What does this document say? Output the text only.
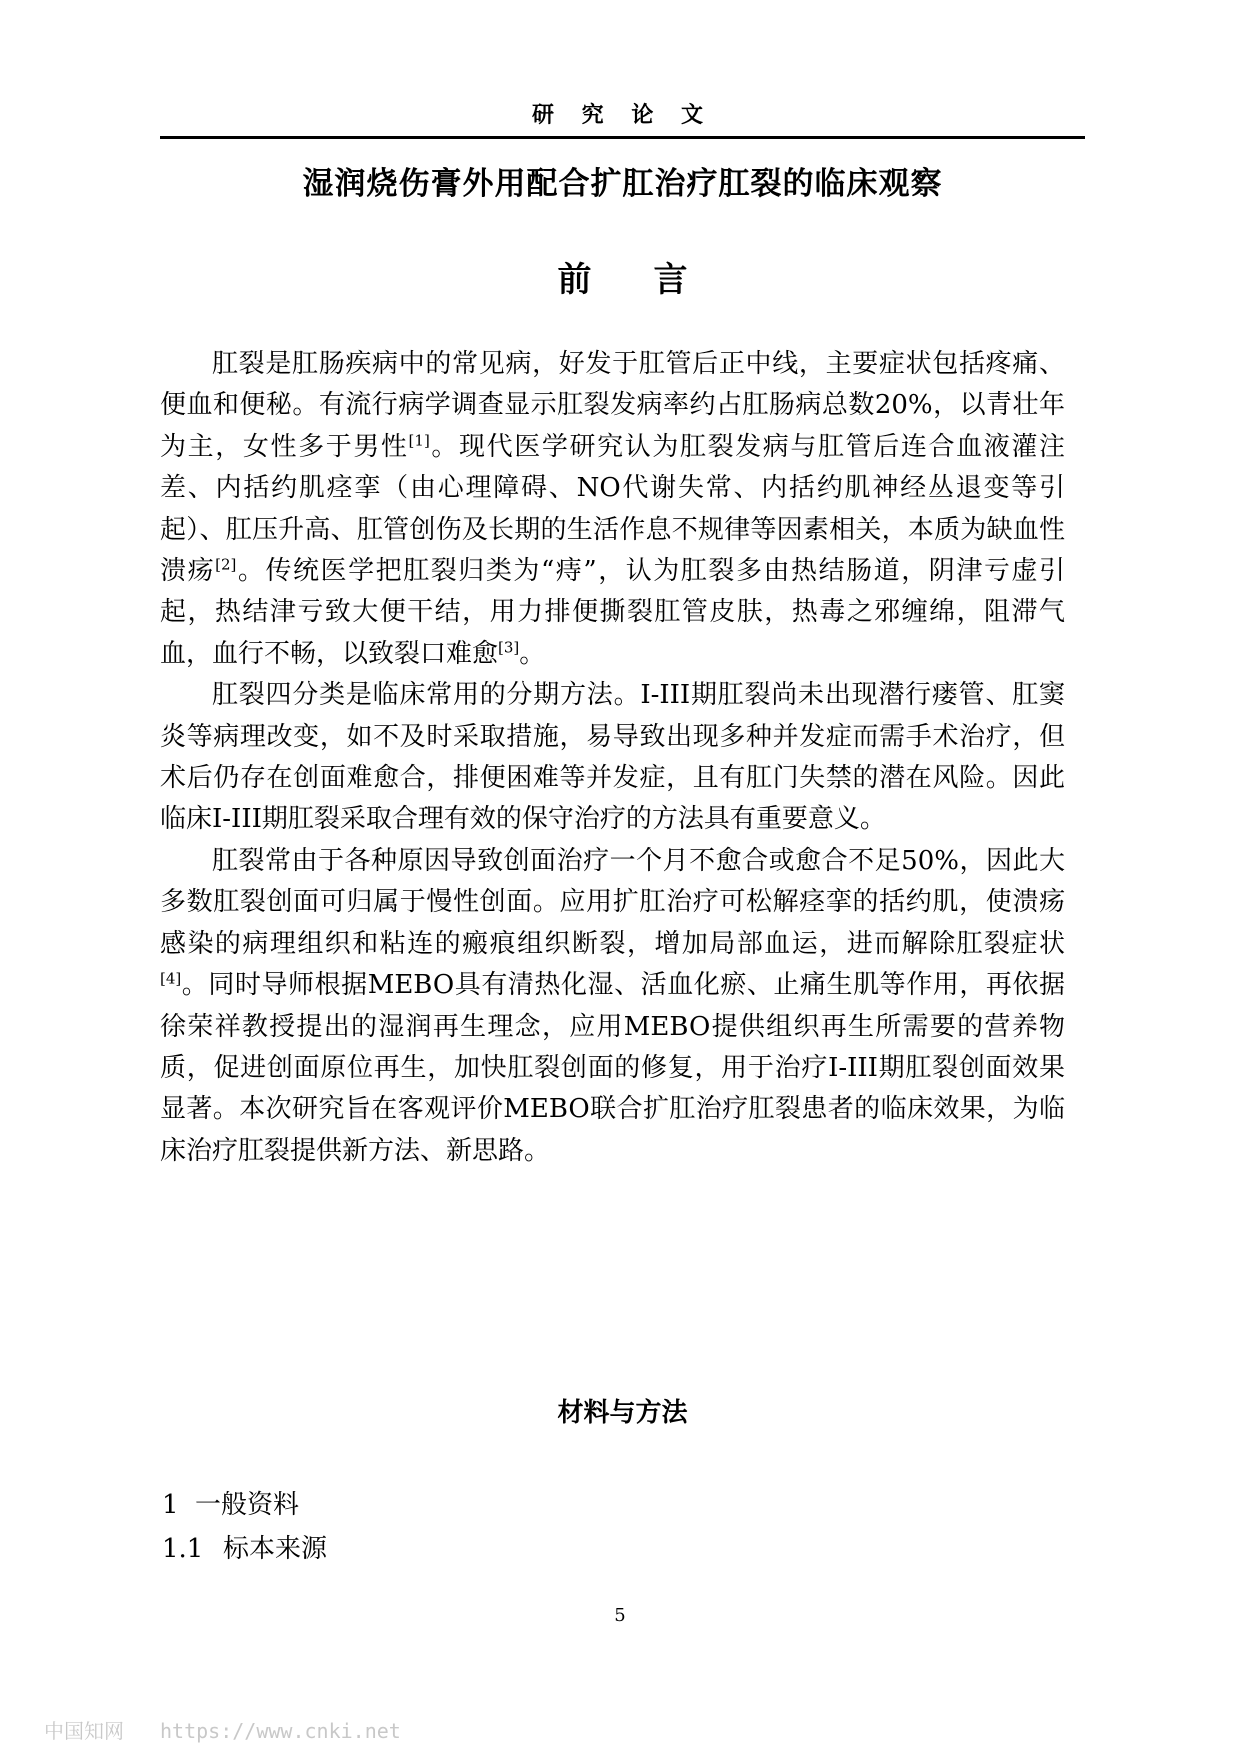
研 究 论 文
湿润烧伤膏外用配合扩肛治疗肛裂的临床观察
前 言

肛裂是肛肠疾病中的常见病，好发于肛管后正中线，主要症状包括疼痛、便血和便秘。有流行病学调查显示肛裂发病率约占肛肠病总数20%，以青壮年为主，女性多于男性[1]。现代医学研究认为肛裂发病与肛管后连合血液灌注差、内括约肌痉挛（由心理障碍、NO代谢失常、内括约肌神经丛退变等引起）、肛压升高、肛管创伤及长期的生活作息不规律等因素相关，本质为缺血性溃疡[2]。传统医学把肛裂归类为“痔”，认为肛裂多由热结肠道，阴津亏虚引起，热结津亏致大便干结，用力排便撕裂肛管皮肤，热毒之邪缠绵，阻滞气血，血行不畅，以致裂口难愈[3]。

肛裂四分类是临床常用的分期方法。I-III期肛裂尚未出现潜行瘘管、肛窦炎等病理改变，如不及时采取措施，易导致出现多种并发症而需手术治疗，但术后仍存在创面难愈合，排便困难等并发症，且有肛门失禁的潜在风险。因此临床I-III期肛裂采取合理有效的保守治疗的方法具有重要意义。

肛裂常由于各种原因导致创面治疗一个月不愈合或愈合不足50%，因此大多数肛裂创面可归属于慢性创面。应用扩肛治疗可松解痉挛的括约肌，使溃疡感染的病理组织和粘连的瘢痕组织断裂，增加局部血运，进而解除肛裂症状[4]。同时导师根据MEBO具有清热化湿、活血化瘀、止痛生肌等作用，再依据徐荣祥教授提出的湿润再生理念，应用MEBO提供组织再生所需要的营养物质，促进创面原位再生，加快肛裂创面的修复，用于治疗I-III期肛裂创面效果显著。本次研究旨在客观评价MEBO联合扩肛治疗肛裂患者的临床效果，为临床治疗肛裂提供新方法、新思路。

材料与方法
1 一般资料
1.1 标本来源
5
中国知网 https://www.cnki.net
